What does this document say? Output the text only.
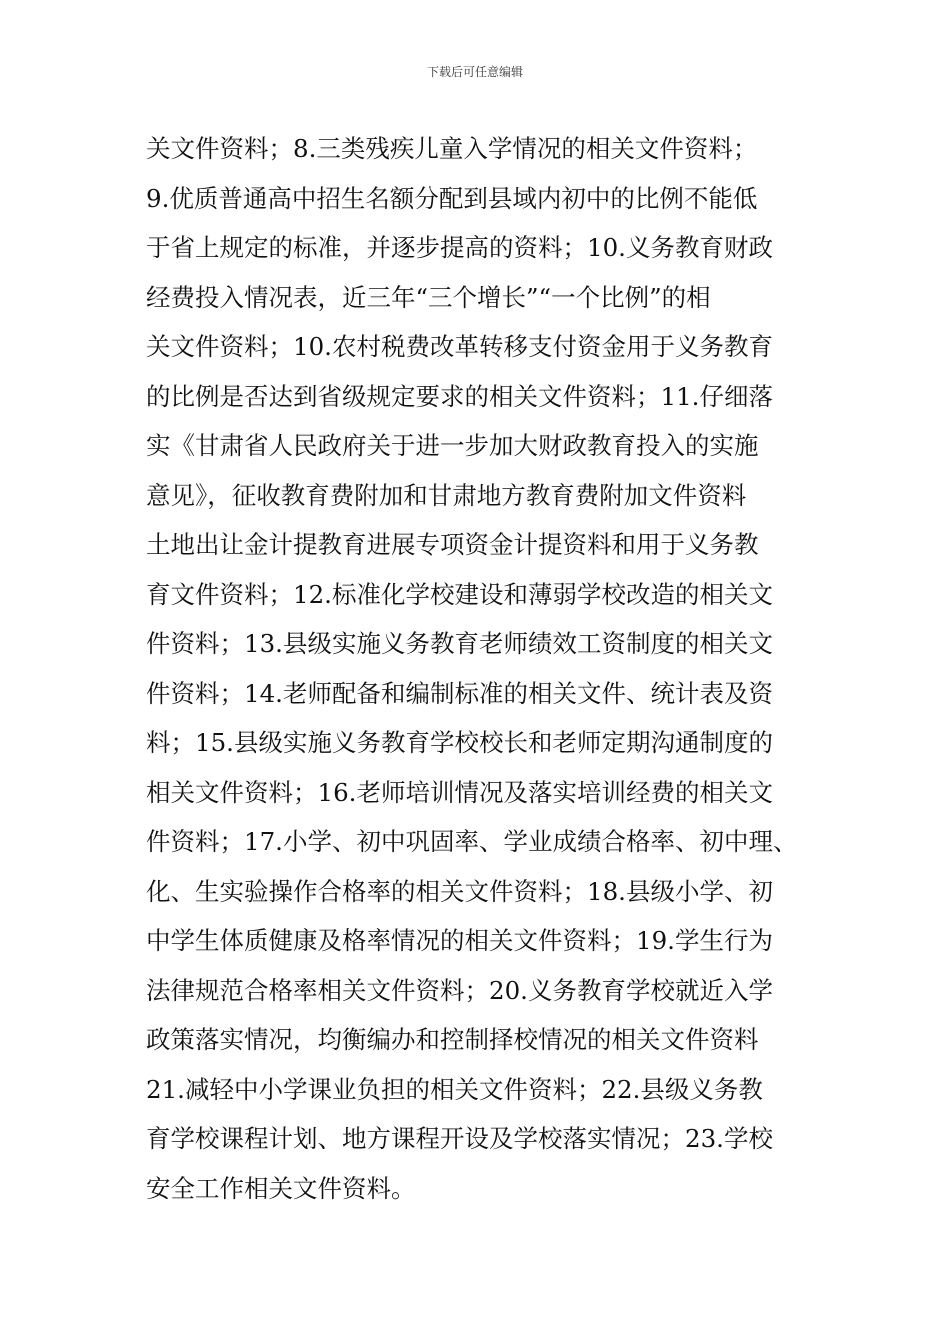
下载后可任意编辑
关文件资料；8.三类残疾儿童入学情况的相关文件资料；
9.优质普通高中招生名额分配到县域内初中的比例不能低
于省上规定的标准，并逐步提高的资料；10.义务教育财政
经费投入情况表，近三年“三个增长”“一个比例”的相
关文件资料；10.农村税费改革转移支付资金用于义务教育
的比例是否达到省级规定要求的相关文件资料；11.仔细落
实《甘肃省人民政府关于进一步加大财政教育投入的实施
意见》，征收教育费附加和甘肃地方教育费附加文件资料
土地出让金计提教育进展专项资金计提资料和用于义务教
育文件资料；12.标准化学校建设和薄弱学校改造的相关文
件资料；13.县级实施义务教育老师绩效工资制度的相关文
件资料；14.老师配备和编制标准的相关文件、统计表及资
料；15.县级实施义务教育学校校长和老师定期沟通制度的
相关文件资料；16.老师培训情况及落实培训经费的相关文
件资料；17.小学、初中巩固率、学业成绩合格率、初中理、
化、生实验操作合格率的相关文件资料；18.县级小学、初
中学生体质健康及格率情况的相关文件资料；19.学生行为
法律规范合格率相关文件资料；20.义务教育学校就近入学
政策落实情况，均衡编办和控制择校情况的相关文件资料
21.减轻中小学课业负担的相关文件资料；22.县级义务教
育学校课程计划、地方课程开设及学校落实情况；23.学校
安全工作相关文件资料。
